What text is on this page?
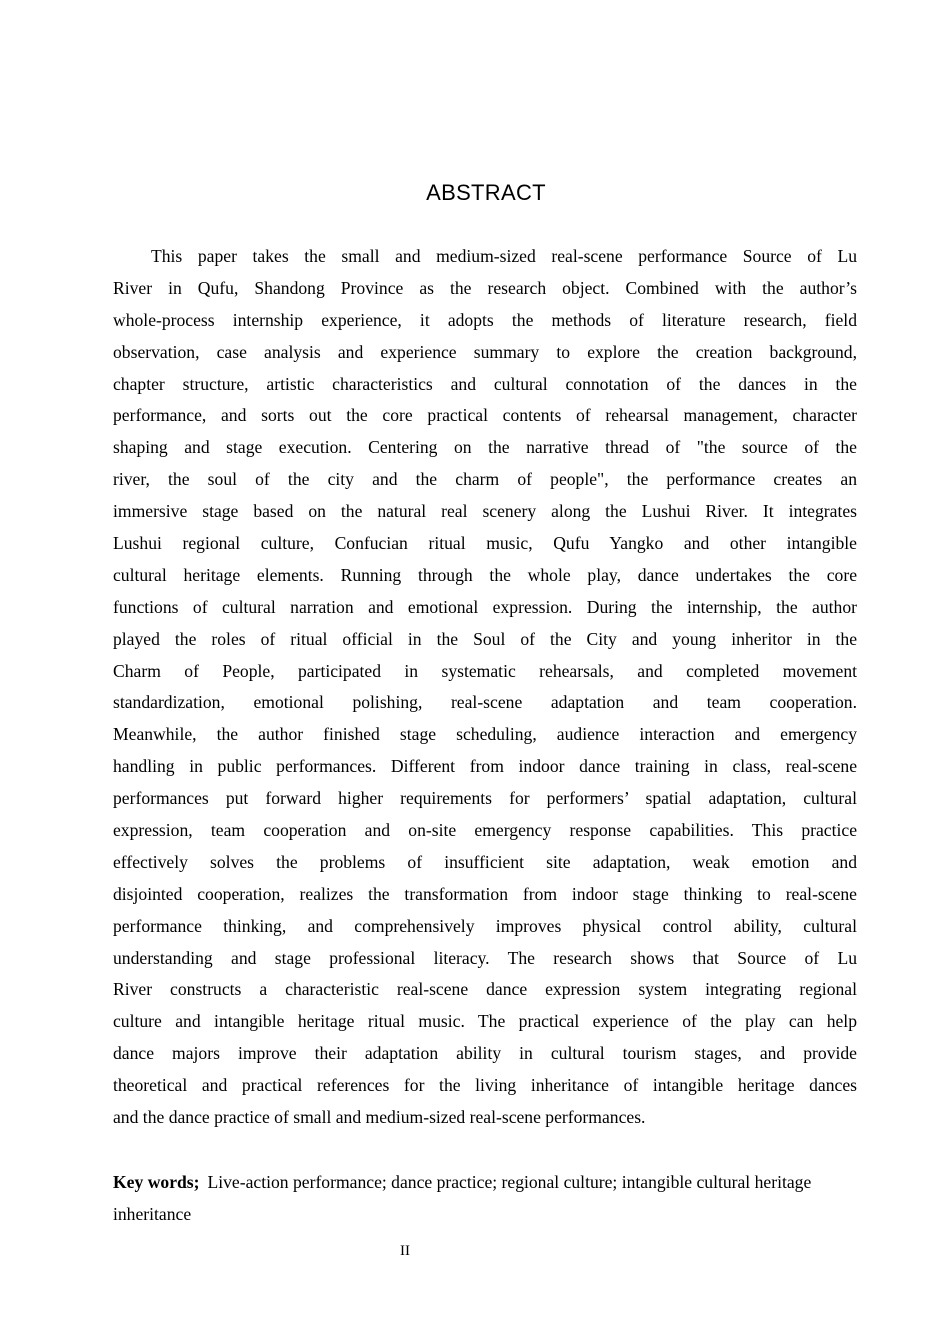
ABSTRACT
This paper takes the small and medium-sized real-scene performance Source of Lu
River in Qufu, Shandong Province as the research object. Combined with the author’s
whole-process internship experience, it adopts the methods of literature research, field
observation, case analysis and experience summary to explore the creation background,
chapter structure, artistic characteristics and cultural connotation of the dances in the
performance, and sorts out the core practical contents of rehearsal management, character
shaping and stage execution. Centering on the narrative thread of "the source of the
river, the soul of the city and the charm of people", the performance creates an
immersive stage based on the natural real scenery along the Lushui River. It integrates
Lushui regional culture, Confucian ritual music, Qufu Yangko and other intangible
cultural heritage elements. Running through the whole play, dance undertakes the core
functions of cultural narration and emotional expression. During the internship, the author
played the roles of ritual official in the Soul of the City and young inheritor in the
Charm of People, participated in systematic rehearsals, and completed movement
standardization, emotional polishing, real-scene adaptation and team cooperation.
Meanwhile, the author finished stage scheduling, audience interaction and emergency
handling in public performances. Different from indoor dance training in class, real-scene
performances put forward higher requirements for performers’ spatial adaptation, cultural
expression, team cooperation and on-site emergency response capabilities. This practice
effectively solves the problems of insufficient site adaptation, weak emotion and
disjointed cooperation, realizes the transformation from indoor stage thinking to real-scene
performance thinking, and comprehensively improves physical control ability, cultural
understanding and stage professional literacy. The research shows that Source of Lu
River constructs a characteristic real-scene dance expression system integrating regional
culture and intangible heritage ritual music. The practical experience of the play can help
dance majors improve their adaptation ability in cultural tourism stages, and provide
theoretical and practical references for the living inheritance of intangible heritage dances
and the dance practice of small and medium-sized real-scene performances.
Key words; Live-action performance; dance practice; regional culture; intangible cultural heritage inheritance
II
